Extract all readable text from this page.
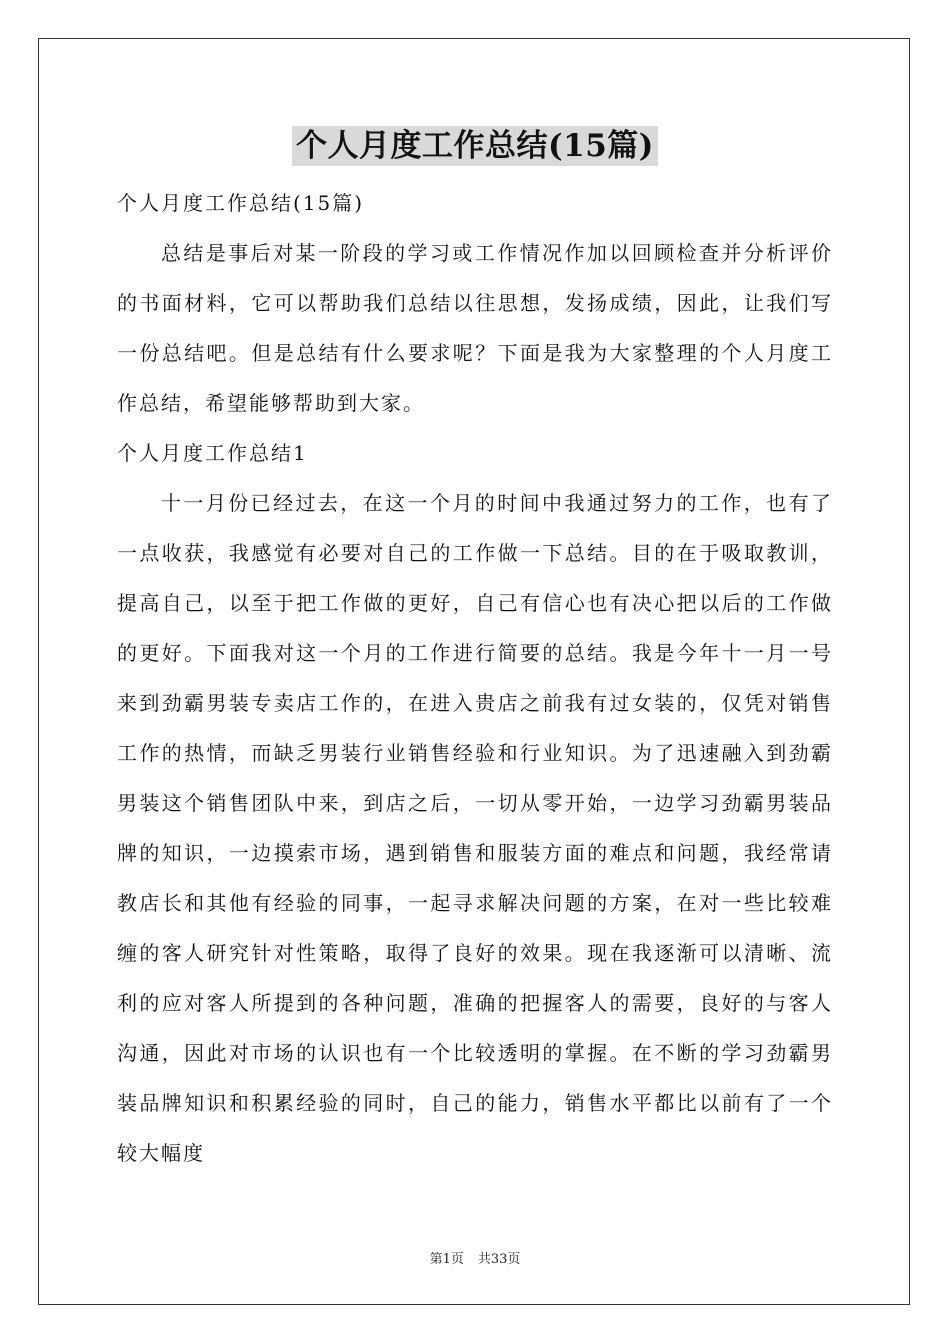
个人月度工作总结(15篇)

个人月度工作总结(15篇)

总结是事后对某一阶段的学习或工作情况作加以回顾检查并分析评价的书面材料，它可以帮助我们总结以往思想，发扬成绩，因此，让我们写一份总结吧。但是总结有什么要求呢？下面是我为大家整理的个人月度工作总结，希望能够帮助到大家。

个人月度工作总结1

十一月份已经过去，在这一个月的时间中我通过努力的工作，也有了一点收获，我感觉有必要对自己的工作做一下总结。目的在于吸取教训，提高自己，以至于把工作做的更好，自己有信心也有决心把以后的工作做的更好。下面我对这一个月的工作进行简要的总结。我是今年十一月一号来到劲霸男装专卖店工作的，在进入贵店之前我有过女装的，仅凭对销售工作的热情，而缺乏男装行业销售经验和行业知识。为了迅速融入到劲霸男装这个销售团队中来，到店之后，一切从零开始，一边学习劲霸男装品牌的知识，一边摸索市场，遇到销售和服装方面的难点和问题，我经常请教店长和其他有经验的同事，一起寻求解决问题的方案，在对一些比较难缠的客人研究针对性策略，取得了良好的效果。现在我逐渐可以清晰、流利的应对客人所提到的各种问题，准确的把握客人的需要，良好的与客人沟通，因此对市场的认识也有一个比较透明的掌握。在不断的学习劲霸男装品牌知识和积累经验的同时，自己的能力，销售水平都比以前有了一个较大幅度

第1页 共33页
